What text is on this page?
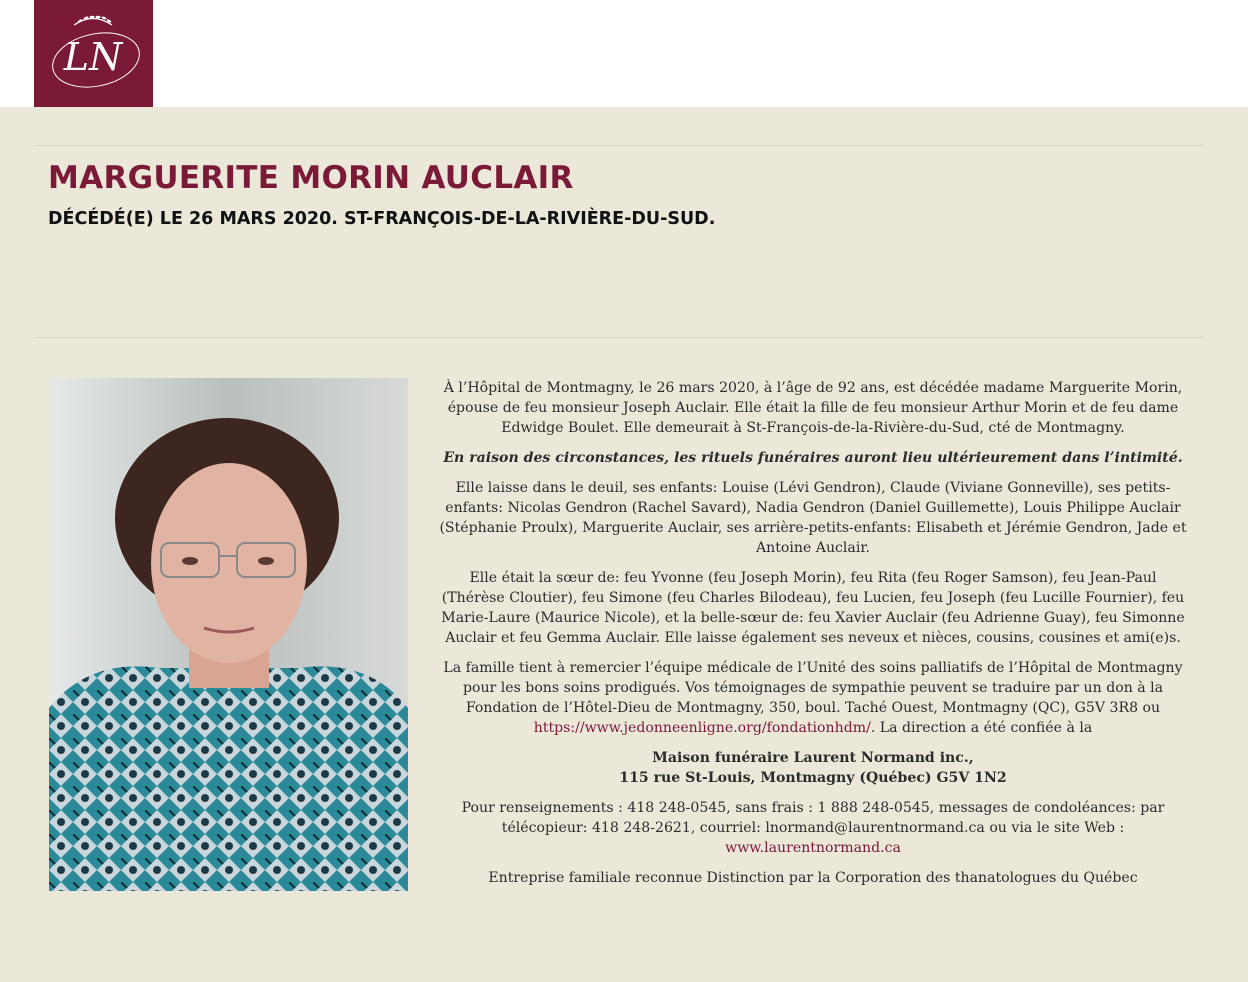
LN
MARGUERITE MORIN AUCLAIR
DÉCÉDÉ(E) LE 26 MARS 2020. ST-FRANÇOIS-DE-LA-RIVIÈRE-DU-SUD.

À l’Hôpital de Montmagny, le 26 mars 2020, à l’âge de 92 ans, est décédée madame Marguerite Morin, épouse de feu monsieur Joseph Auclair. Elle était la fille de feu monsieur Arthur Morin et de feu dame Edwidge Boulet. Elle demeurait à St-François-de-la-Rivière-du-Sud, cté de Montmagny.

En raison des circonstances, les rituels funéraires auront lieu ultérieurement dans l’intimité.

Elle laisse dans le deuil, ses enfants: Louise (Lévi Gendron), Claude (Viviane Gonneville), ses petits-enfants: Nicolas Gendron (Rachel Savard), Nadia Gendron (Daniel Guillemette), Louis Philippe Auclair (Stéphanie Proulx), Marguerite Auclair, ses arrière-petits-enfants: Elisabeth et Jérémie Gendron, Jade et Antoine Auclair.

Elle était la sœur de: feu Yvonne (feu Joseph Morin), feu Rita (feu Roger Samson), feu Jean-Paul (Thérèse Cloutier), feu Simone (feu Charles Bilodeau), feu Lucien, feu Joseph (feu Lucille Fournier), feu Marie-Laure (Maurice Nicole), et la belle-sœur de: feu Xavier Auclair (feu Adrienne Guay), feu Simonne Auclair et feu Gemma Auclair. Elle laisse également ses neveux et nièces, cousins, cousines et ami(e)s.

La famille tient à remercier l’équipe médicale de l’Unité des soins palliatifs de l’Hôpital de Montmagny pour les bons soins prodigués. Vos témoignages de sympathie peuvent se traduire par un don à la Fondation de l’Hôtel-Dieu de Montmagny, 350, boul. Taché Ouest, Montmagny (QC), G5V 3R8 ou https://www.jedonneenligne.org/fondationhdm/. La direction a été confiée à la

Maison funéraire Laurent Normand inc.,
115 rue St-Louis, Montmagny (Québec) G5V 1N2

Pour renseignements : 418 248-0545, sans frais : 1 888 248-0545, messages de condoléances: par télécopieur: 418 248-2621, courriel: lnormand@laurentnormand.ca ou via le site Web : www.laurentnormand.ca

Entreprise familiale reconnue Distinction par la Corporation des thanatologues du Québec
